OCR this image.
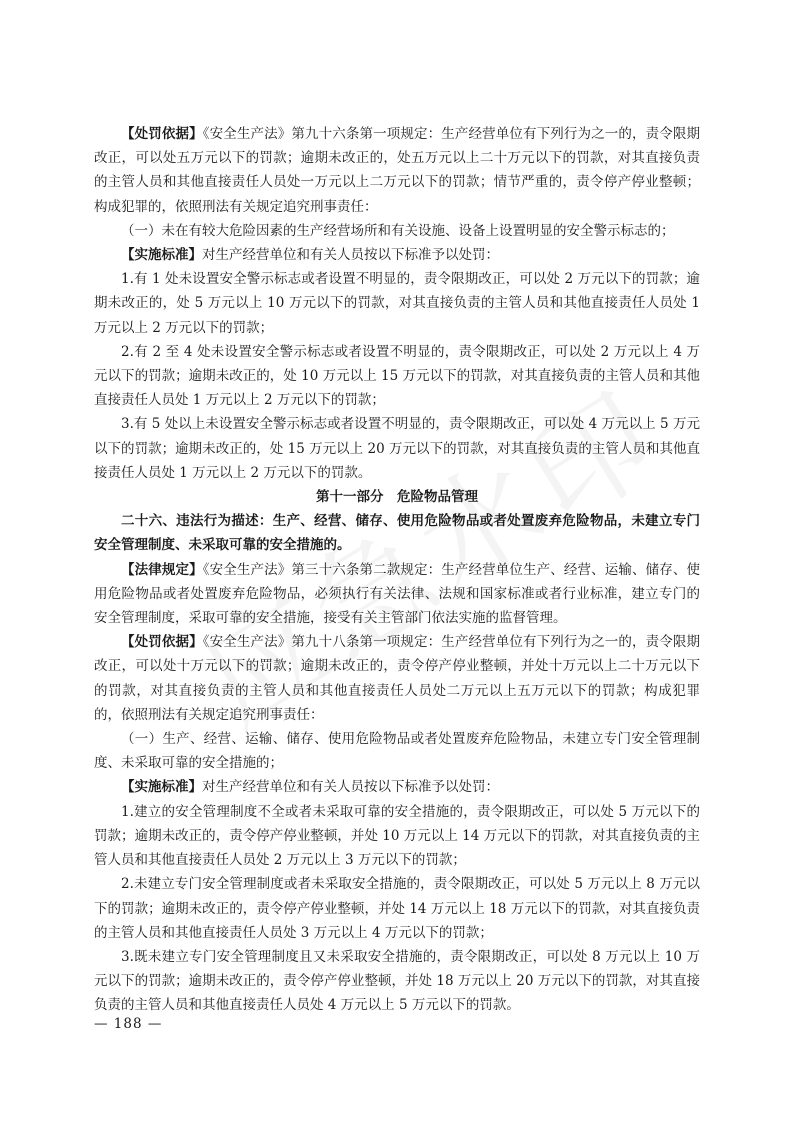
【处罚依据】《安全生产法》第九十六条第一项规定：生产经营单位有下列行为之一的，责令限期改正，可以处五万元以下的罚款；逾期未改正的，处五万元以上二十万元以下的罚款，对其直接负责的主管人员和其他直接责任人员处一万元以上二万元以下的罚款；情节严重的，责令停产停业整顿；构成犯罪的，依照刑法有关规定追究刑事责任：

（一）未在有较大危险因素的生产经营场所和有关设施、设备上设置明显的安全警示标志的；

【实施标准】对生产经营单位和有关人员按以下标准予以处罚：

1.有 1 处未设置安全警示标志或者设置不明显的，责令限期改正，可以处 2 万元以下的罚款；逾期未改正的，处 5 万元以上 10 万元以下的罚款，对其直接负责的主管人员和其他直接责任人员处 1 万元以上 2 万元以下的罚款；

2.有 2 至 4 处未设置安全警示标志或者设置不明显的，责令限期改正，可以处 2 万元以上 4 万元以下的罚款；逾期未改正的，处 10 万元以上 15 万元以下的罚款，对其直接负责的主管人员和其他直接责任人员处 1 万元以上 2 万元以下的罚款；

3.有 5 处以上未设置安全警示标志或者设置不明显的，责令限期改正，可以处 4 万元以上 5 万元以下的罚款；逾期未改正的，处 15 万元以上 20 万元以下的罚款，对其直接负责的主管人员和其他直接责任人员处 1 万元以上 2 万元以下的罚款。

第十一部分　危险物品管理

二十六、违法行为描述：生产、经营、储存、使用危险物品或者处置废弃危险物品，未建立专门安全管理制度、未采取可靠的安全措施的。

【法律规定】《安全生产法》第三十六条第二款规定：生产经营单位生产、经营、运输、储存、使用危险物品或者处置废弃危险物品，必须执行有关法律、法规和国家标准或者行业标准，建立专门的安全管理制度，采取可靠的安全措施，接受有关主管部门依法实施的监督管理。

【处罚依据】《安全生产法》第九十八条第一项规定：生产经营单位有下列行为之一的，责令限期改正，可以处十万元以下的罚款；逾期未改正的，责令停产停业整顿，并处十万元以上二十万元以下的罚款，对其直接负责的主管人员和其他直接责任人员处二万元以上五万元以下的罚款；构成犯罪的，依照刑法有关规定追究刑事责任：

（一）生产、经营、运输、储存、使用危险物品或者处置废弃危险物品，未建立专门安全管理制度、未采取可靠的安全措施的；

【实施标准】对生产经营单位和有关人员按以下标准予以处罚：

1.建立的安全管理制度不全或者未采取可靠的安全措施的，责令限期改正，可以处 5 万元以下的罚款；逾期未改正的，责令停产停业整顿，并处 10 万元以上 14 万元以下的罚款，对其直接负责的主管人员和其他直接责任人员处 2 万元以上 3 万元以下的罚款；

2.未建立专门安全管理制度或者未采取安全措施的，责令限期改正，可以处 5 万元以上 8 万元以下的罚款；逾期未改正的，责令停产停业整顿，并处 14 万元以上 18 万元以下的罚款，对其直接负责的主管人员和其他直接责任人员处 3 万元以上 4 万元以下的罚款；

3.既未建立专门安全管理制度且又未采取安全措施的，责令限期改正，可以处 8 万元以上 10 万元以下的罚款；逾期未改正的，责令停产停业整顿，并处 18 万元以上 20 万元以下的罚款，对其直接负责的主管人员和其他直接责任人员处 4 万元以上 5 万元以下的罚款。

— 188 —
